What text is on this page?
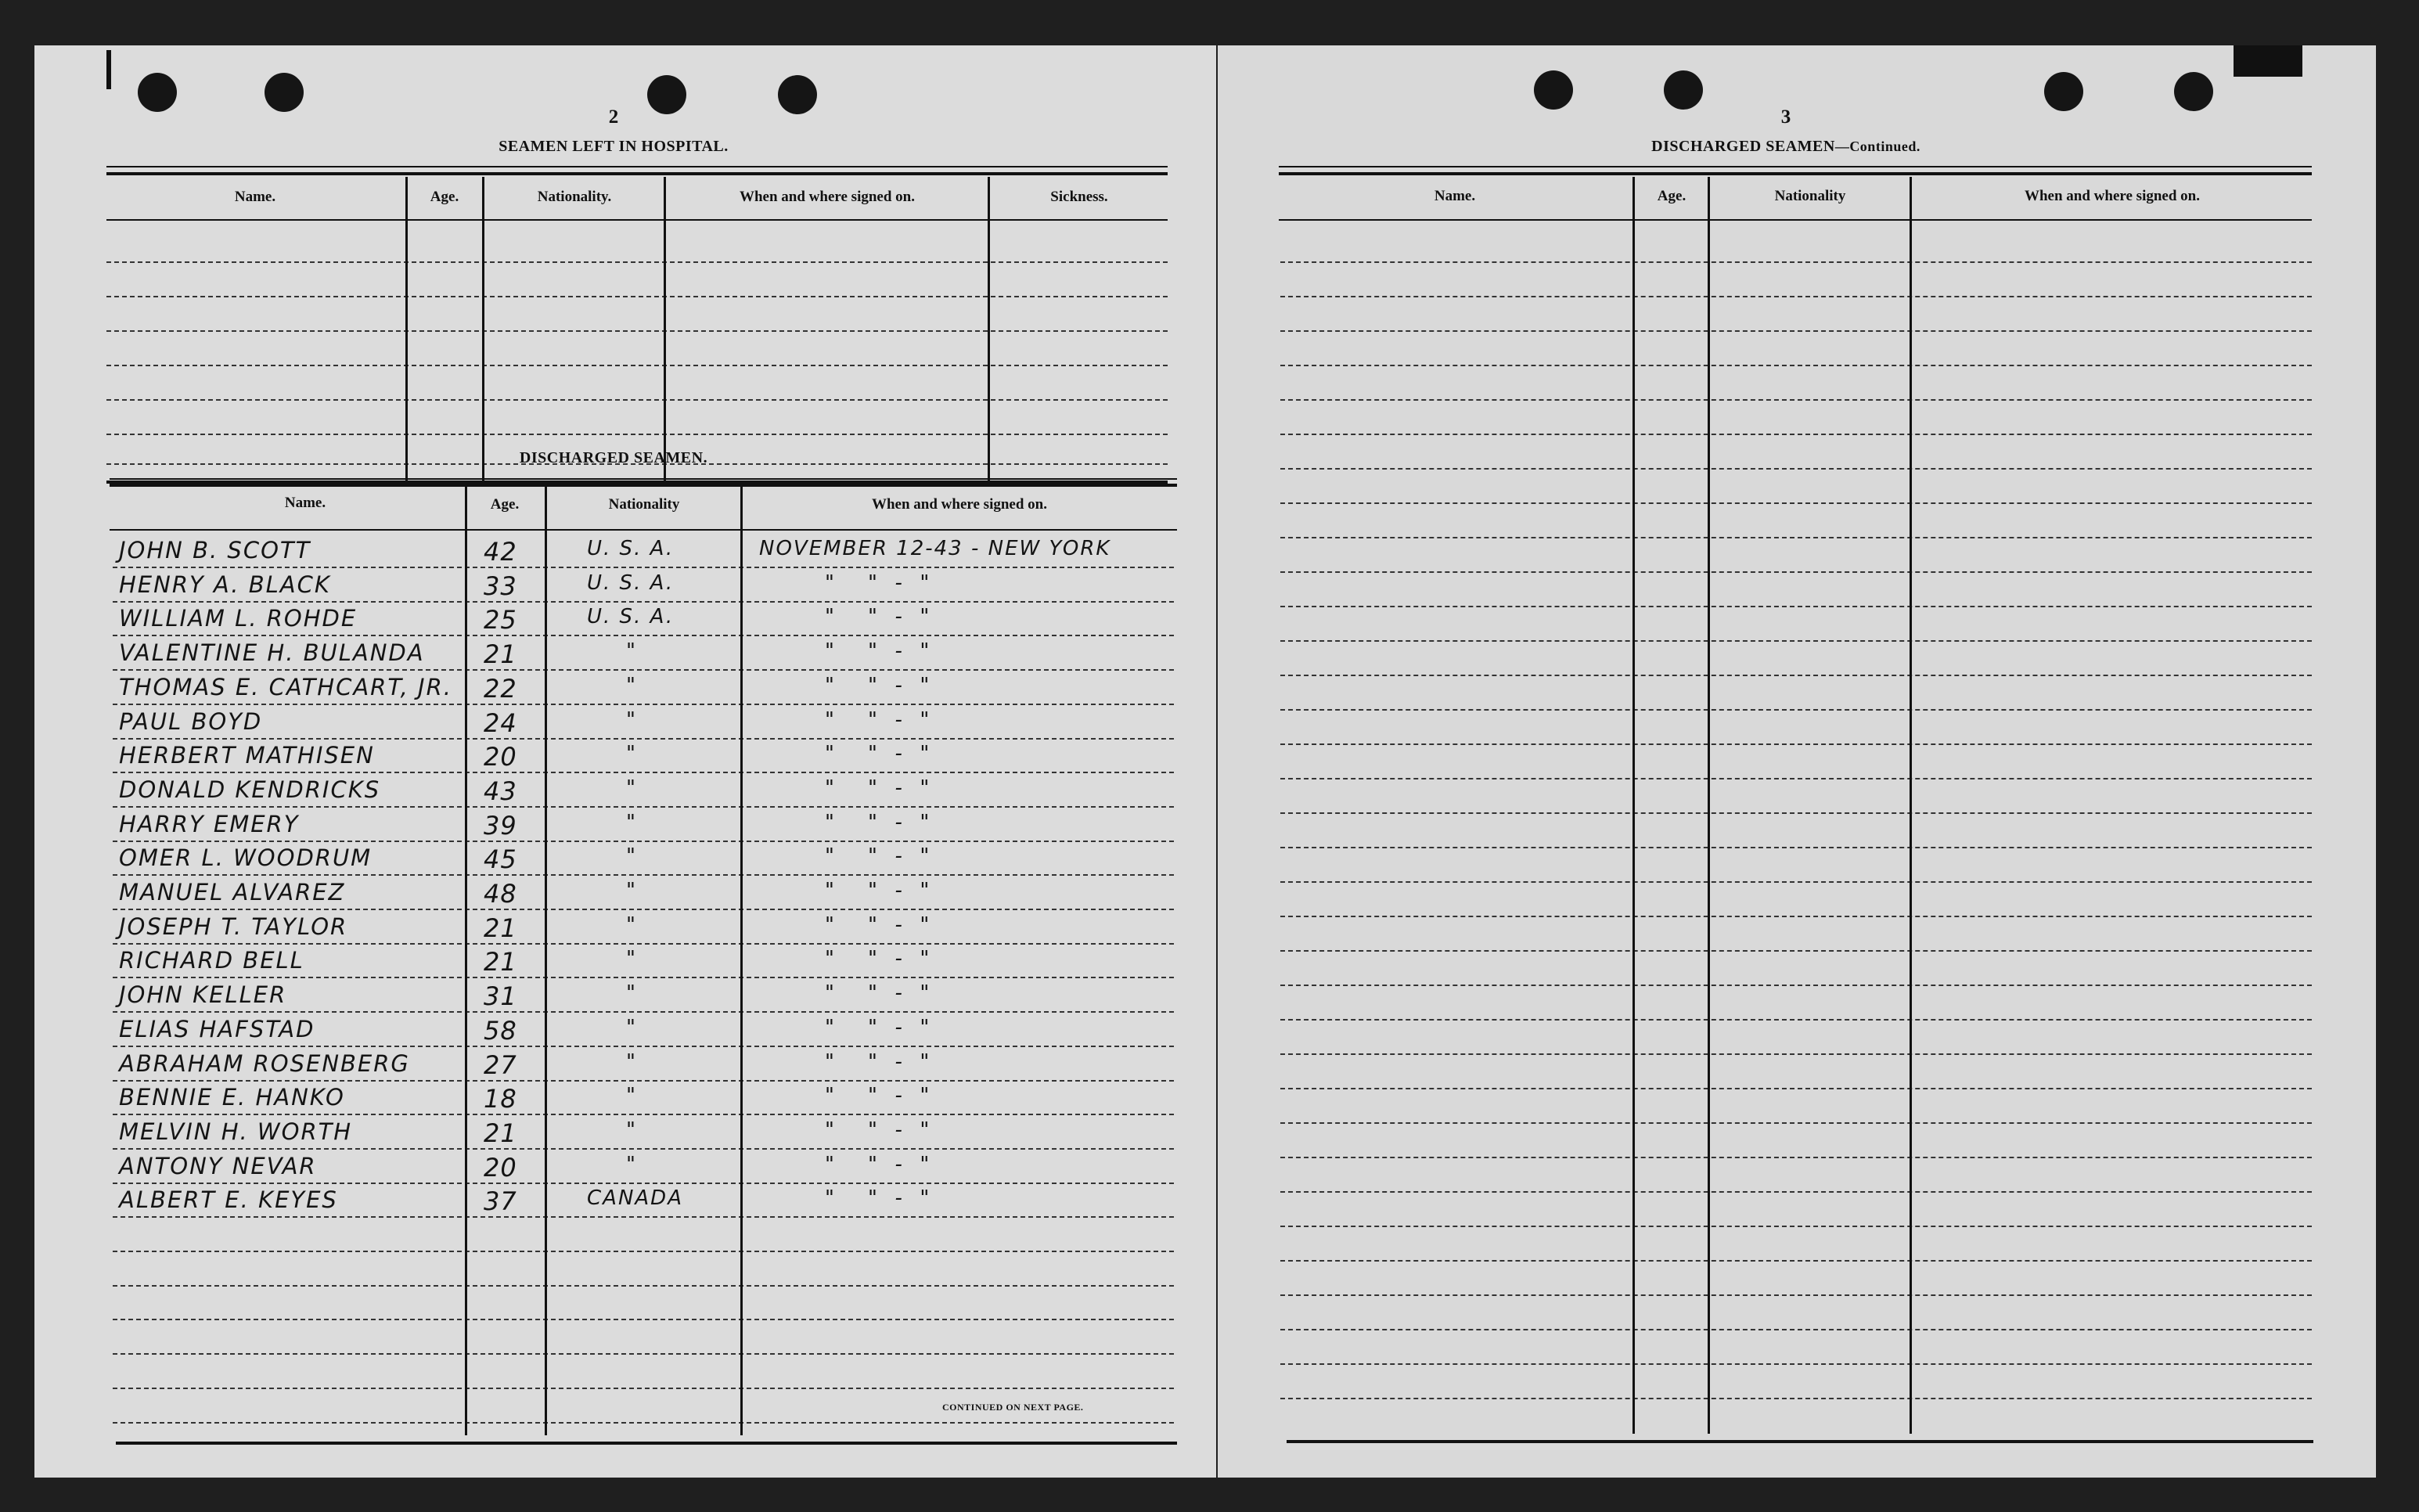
2
SEAMEN LEFT IN HOSPITAL.
Name.	Age.	Nationality.	When and where signed on.	Sickness.
DISCHARGED SEAMEN.
Name.	Age.	Nationality	When and where signed on.
JOHN B. SCOTT	42	U. S. A.	NOVEMBER 12-43 - NEW YORK
HENRY A. BLACK	33	U. S. A.	"    "  -  "
WILLIAM L. ROHDE	25	U. S. A.	"    "  -  "
VALENTINE H. BULANDA 21	"	"    "  -  "
THOMAS E. CATHCART, JR. 22	"	"    "  -  "
PAUL BOYD	24	"	"    "  -  "
HERBERT MATHISEN	20	"	"    "  -  "
DONALD KENDRICKS	43	"	"    "  -  "
HARRY EMERY	39	"	"    "  -  "
OMER L. WOODRUM	45	"	"    "  -  "
MANUEL ALVAREZ	48	"	"    "  -  "
JOSEPH T. TAYLOR	21	"	"    "  -  "
RICHARD BELL	21	"	"    "  -  "
JOHN KELLER	31	"	"    "  -  "
ELIAS HAFSTAD	58	"	"    "  -  "
ABRAHAM ROSENBERG	27	"	"    "  -  "
BENNIE E. HANKO	18	"	"    "  -  "
MELVIN H. WORTH	21	"	"    "  -  "
ANTONY NEVAR	20	"	"    "  -  "
ALBERT E. KEYES	37	CANADA	"    "  -  "
CONTINUED ON NEXT PAGE.
3
DISCHARGED SEAMEN—Continued.
Name.	Age.	Nationality	When and where signed on.
